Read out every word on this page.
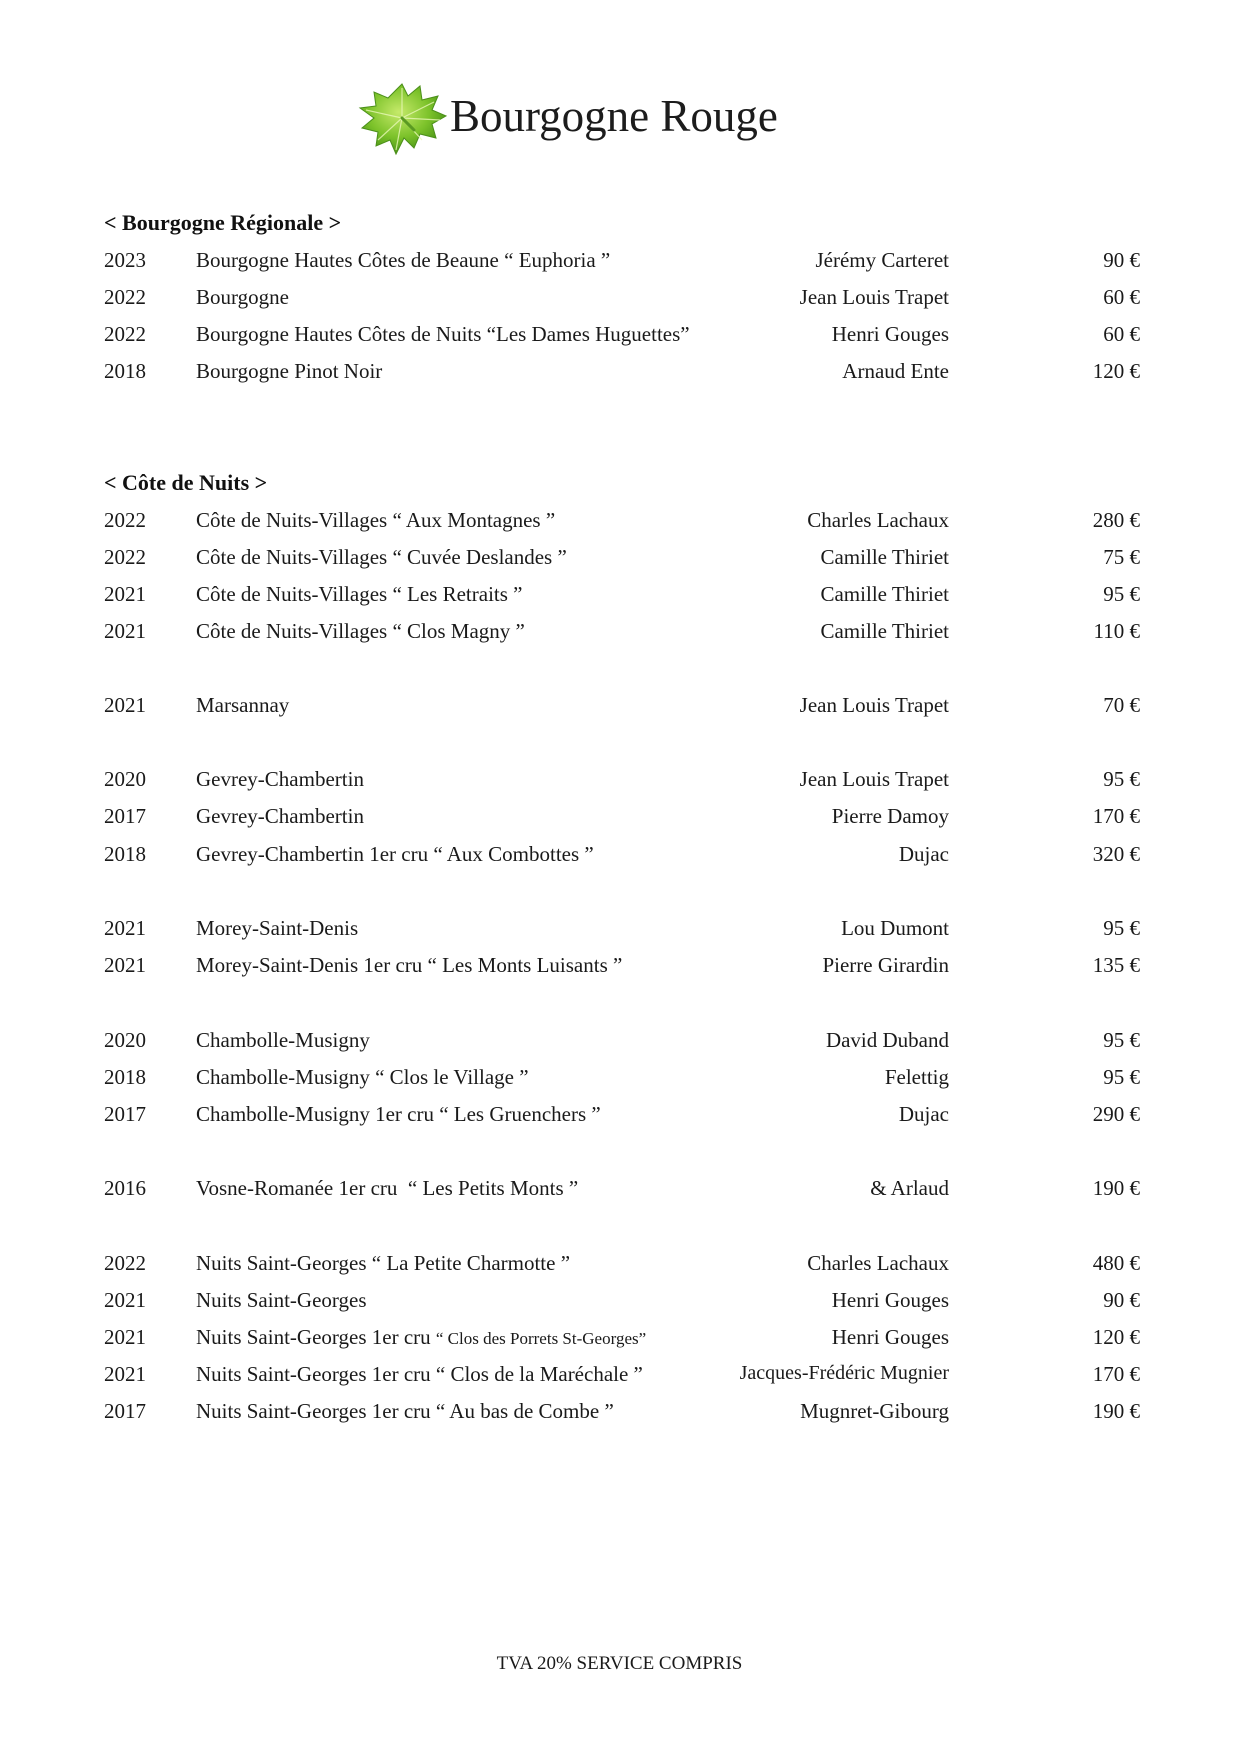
Bourgogne Rouge
< Bourgogne Régionale >
2023 Bourgogne Hautes Côtes de Beaune “ Euphoria ”	Jérémy Carteret	90 €
2022 Bourgogne	Jean Louis Trapet	60 €
2022 Bourgogne Hautes Côtes de Nuits “Les Dames Huguettes”	Henri Gouges	60 €
2018 Bourgogne Pinot Noir	Arnaud Ente	120 €
< Côte de Nuits >
2022 Côte de Nuits-Villages “ Aux Montagnes ”	Charles Lachaux	280 €
2022 Côte de Nuits-Villages “ Cuvée Deslandes ”	Camille Thiriet	75 €
2021 Côte de Nuits-Villages “ Les Retraits ”	Camille Thiriet	95 €
2021 Côte de Nuits-Villages “ Clos Magny ”	Camille Thiriet	110 €
2021 Marsannay	Jean Louis Trapet	70 €
2020 Gevrey-Chambertin	Jean Louis Trapet	95 €
2017 Gevrey-Chambertin	Pierre Damoy	170 €
2018 Gevrey-Chambertin 1er cru “ Aux Combottes ”	Dujac	320 €
2021 Morey-Saint-Denis	Lou Dumont	95 €
2021 Morey-Saint-Denis 1er cru “ Les Monts Luisants ”	Pierre Girardin	135 €
2020 Chambolle-Musigny	David Duband	95 €
2018 Chambolle-Musigny “ Clos le Village ”	Felettig	95 €
2017 Chambolle-Musigny 1er cru “ Les Gruenchers ”	Dujac	290 €
2016 Vosne-Romanée 1er cru  “ Les Petits Monts ”	& Arlaud	190 €
2022 Nuits Saint-Georges “ La Petite Charmotte ”	Charles Lachaux	480 €
2021 Nuits Saint-Georges	Henri Gouges	90 €
2021 Nuits Saint-Georges 1er cru “ Clos des Porrets St-Georges”	Henri Gouges	120 €
2021 Nuits Saint-Georges 1er cru “ Clos de la Maréchale ”	Jacques-Frédéric Mugnier	170 €
2017 Nuits Saint-Georges 1er cru “ Au bas de Combe ”	Mugnret-Gibourg	190 €
TVA 20% SERVICE COMPRIS
